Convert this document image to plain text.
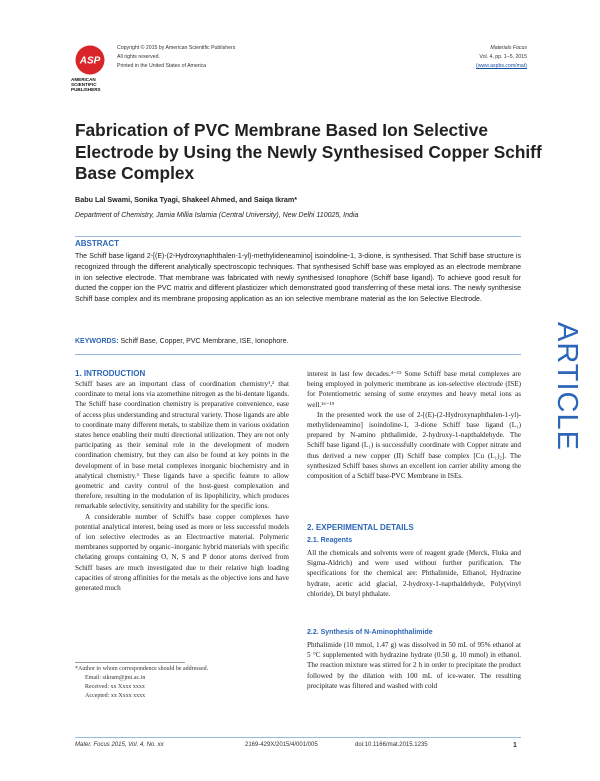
ASP
AMERICAN
SCIENTIFIC
PUBLISHERS
Copyright © 2015 by American Scientific Publishers
All rights reserved.
Printed in the United States of America
Materials Focus
Vol. 4, pp. 1–5, 2015
(www.aspbs.com/mat)
Fabrication of PVC Membrane Based Ion Selective Electrode by Using the Newly Synthesised Copper Schiff Base Complex
Babu Lal Swami, Sonika Tyagi, Shakeel Ahmed, and Saiqa Ikram*
Department of Chemistry, Jamia Millia Islamia (Central University), New Delhi 110025, India
ABSTRACT
The Schiff base ligand 2-[(E)-(2-Hydroxynaphthalen-1-yl)-methylideneamino] isoindoline-1, 3-dione, is synthesised. That Schiff base structure is recognized through the different analytically spectroscopic techniques. That synthesised Schiff base was employed as an electrode membrane in ion selective electrode. That membrane was fabricated with newly synthesised Ionophore (Schiff base ligand). To achieve good result for ducted the copper ion the PVC matrix and different plasticizer which demonstrated good transferring of these metal ions. The newly synthesise Schiff base complex and its membrane proposing application as an ion selective membrane material as the Ion Selective Electrode.
KEYWORDS: Schiff Base, Copper, PVC Membrane, ISE, Ionophore.	ARTICLE
1. INTRODUCTION

Schiff bases are an important class of coordination chemistry¹,² that coordinate to metal ions via azomethine nitrogen as the bi-dentate ligands. The Schiff base coordination chemistry is preparative convenience, ease of access plus understanding and structural variety. Those ligands are able to coordinate many different metals, to stabilize them in various oxidation states hence enabling their multi directional utilization. They are not only participating as their seminal role in the development of modern coordination chemistry, but they can also be found at key points in the development of in base metal complexes inorganic biochemistry and in analytical chemistry.³ These ligands have a specific feature to allow geometric and cavity control of the host-guest complexation and therefore, resulting in the modulation of its lipophilicity, which produces remarkable selectivity, sensitivity and stability for the specific ions.

A considerable number of Schiff's base copper complexes have potential analytical interest, being used as more or less successful models of ion selective electrodes as an Electroactive material. Polymeric membranes supported by organic–inorganic hybrid materials with specific chelating groups containing O, N, S and P donor atoms derived from Schiff bases are much investigated due to their relative high loading capacities of strong affinities for the metals as the objective ions and have generated much

*Author to whom correspondence should be addressed.
Email: sikram@jmi.ac.in
Received: xx Xxxx xxxx
Accepted: xx Xxxx xxxx

interest in last few decades.⁴⁻¹⁵ Some Schiff base metal complexes are being employed in polymeric membrane as ion-selective electrode (ISE) for Potentiometric sensing of some enzymes and heavy metal ions as well.¹⁶⁻¹⁹

In the presented work the use of 2-[(E)-(2-Hydroxynaphthalen-1-yl)-methylideneamino] isoindoline-1, 3-dione Schiff base ligand (L₁) prepared by N-amino phthalimide, 2-hydroxy-1-napthaldehyde. The Schiff base ligand (L₁) is successfully coordinate with Copper nitrate and thus derived a new copper (II) Schiff base complex [Cu (L₁)₂]. The synthesized Schiff bases shows an excellent ion carrier ability among the composition of a Schiff base-PVC Membrane in ISEs.

2. EXPERIMENTAL DETAILS
2.1. Reagents

All the chemicals and solvents were of reagent grade (Merck, Fluka and Sigma-Aldrich) and were used without further purification. The specifications for the chemical are: Phthalimide, Ethanol, Hydrazine hydrate, acetic acid glacial, 2-hydroxy-1-napthaldehyde, Poly(vinyl chloride), Di butyl phthalate.

2.2. Synthesis of N-Aminophthalimide

Phthalimide (10 mmol, 1.47 g) was dissolved in 50 mL of 95% ethanol at 5 °C supplemented with hydrazine hydrate (0.50 g, 10 mmol) in ethanol. The reaction mixture was stirred for 2 h in order to precipitate the product followed by the dilation with 100 mL of ice-water. The resulting precipitate was filtered and washed with cold

Mater. Focus 2015, Vol. 4, No. xx	2169-429X/2015/4/001/005	doi:10.1166/mat.2015.1235	1
